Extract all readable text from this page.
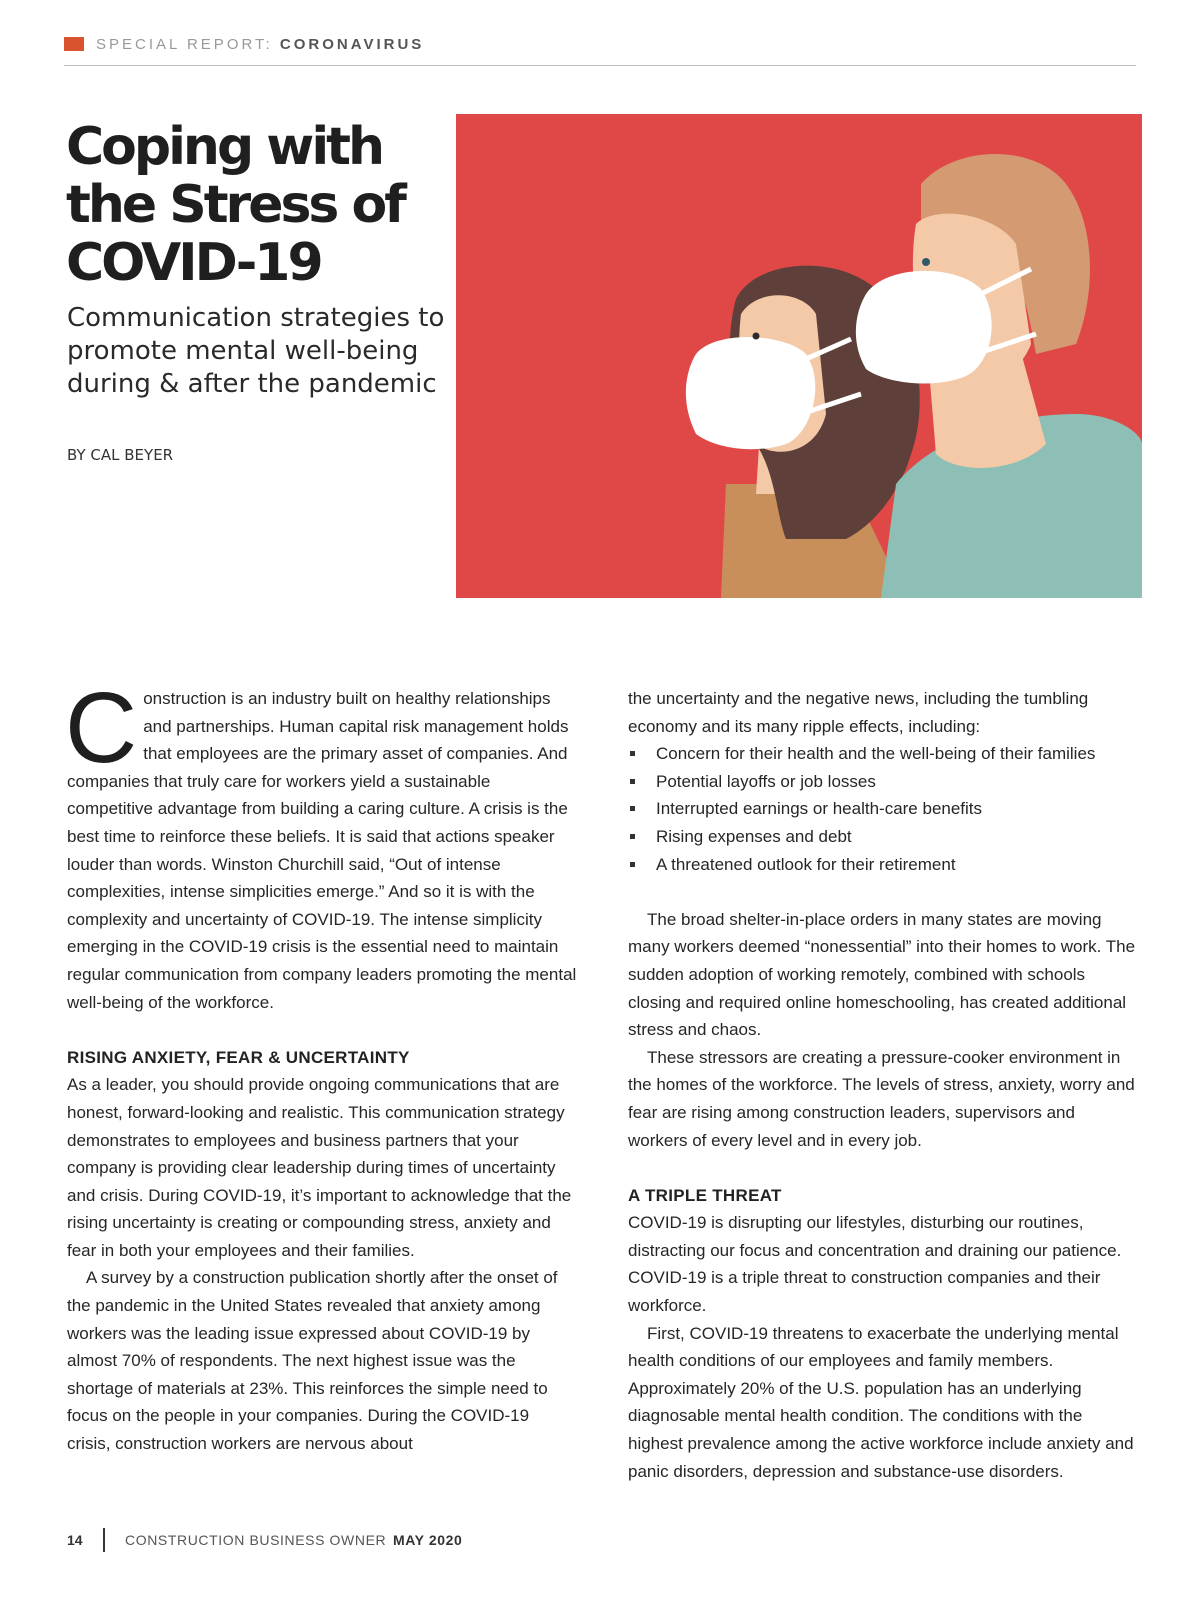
SPECIAL REPORT: CORONAVIRUS
Coping with
the Stress of
COVID-19
Communication strategies to
promote mental well-being
during & after the pandemic
BY CAL BEYER

Construction is an industry built on healthy relationships and partnerships. Human capital risk management holds that employees are the primary asset of companies. And companies that truly care for workers yield a sustainable competitive advantage from building a caring culture. A crisis is the best time to reinforce these beliefs. It is said that actions speaker louder than words. Winston Churchill said, “Out of intense complexities, intense simplicities emerge.” And so it is with the complexity and uncertainty of COVID-19. The intense simplicity emerging in the COVID-19 crisis is the essential need to maintain regular communication from company leaders promoting the mental well-being of the workforce.

RISING ANXIETY, FEAR & UNCERTAINTY

As a leader, you should provide ongoing communications that are honest, forward-looking and realistic. This communication strategy demonstrates to employees and business partners that your company is providing clear leadership during times of uncertainty and crisis. During COVID-19, it’s important to acknowledge that the rising uncertainty is creating or compounding stress, anxiety and fear in both your employees and their families.

A survey by a construction publication shortly after the onset of the pandemic in the United States revealed that anxiety among workers was the leading issue expressed about COVID-19 by almost 70% of respondents. The next highest issue was the shortage of materials at 23%. This reinforces the simple need to focus on the people in your companies. During the COVID-19 crisis, construction workers are nervous about

the uncertainty and the negative news, including the tumbling economy and its many ripple effects, including:

Concern for their health and the well-being of their families
Potential layoffs or job losses
Interrupted earnings or health-care benefits
Rising expenses and debt
A threatened outlook for their retirement

The broad shelter-in-place orders in many states are moving many workers deemed “nonessential” into their homes to work. The sudden adoption of working remotely, combined with schools closing and required online homeschooling, has created additional stress and chaos.

These stressors are creating a pressure-cooker environment in the homes of the workforce. The levels of stress, anxiety, worry and fear are rising among construction leaders, supervisors and workers of every level and in every job.

A TRIPLE THREAT

COVID-19 is disrupting our lifestyles, disturbing our routines, distracting our focus and concentration and draining our patience. COVID-19 is a triple threat to construction companies and their workforce.

First, COVID-19 threatens to exacerbate the underlying mental health conditions of our employees and family members. Approximately 20% of the U.S. population has an underlying diagnosable mental health condition. The conditions with the highest prevalence among the active workforce include anxiety and panic disorders, depression and substance-use disorders.

14	CONSTRUCTION BUSINESS OWNER MAY 2020
